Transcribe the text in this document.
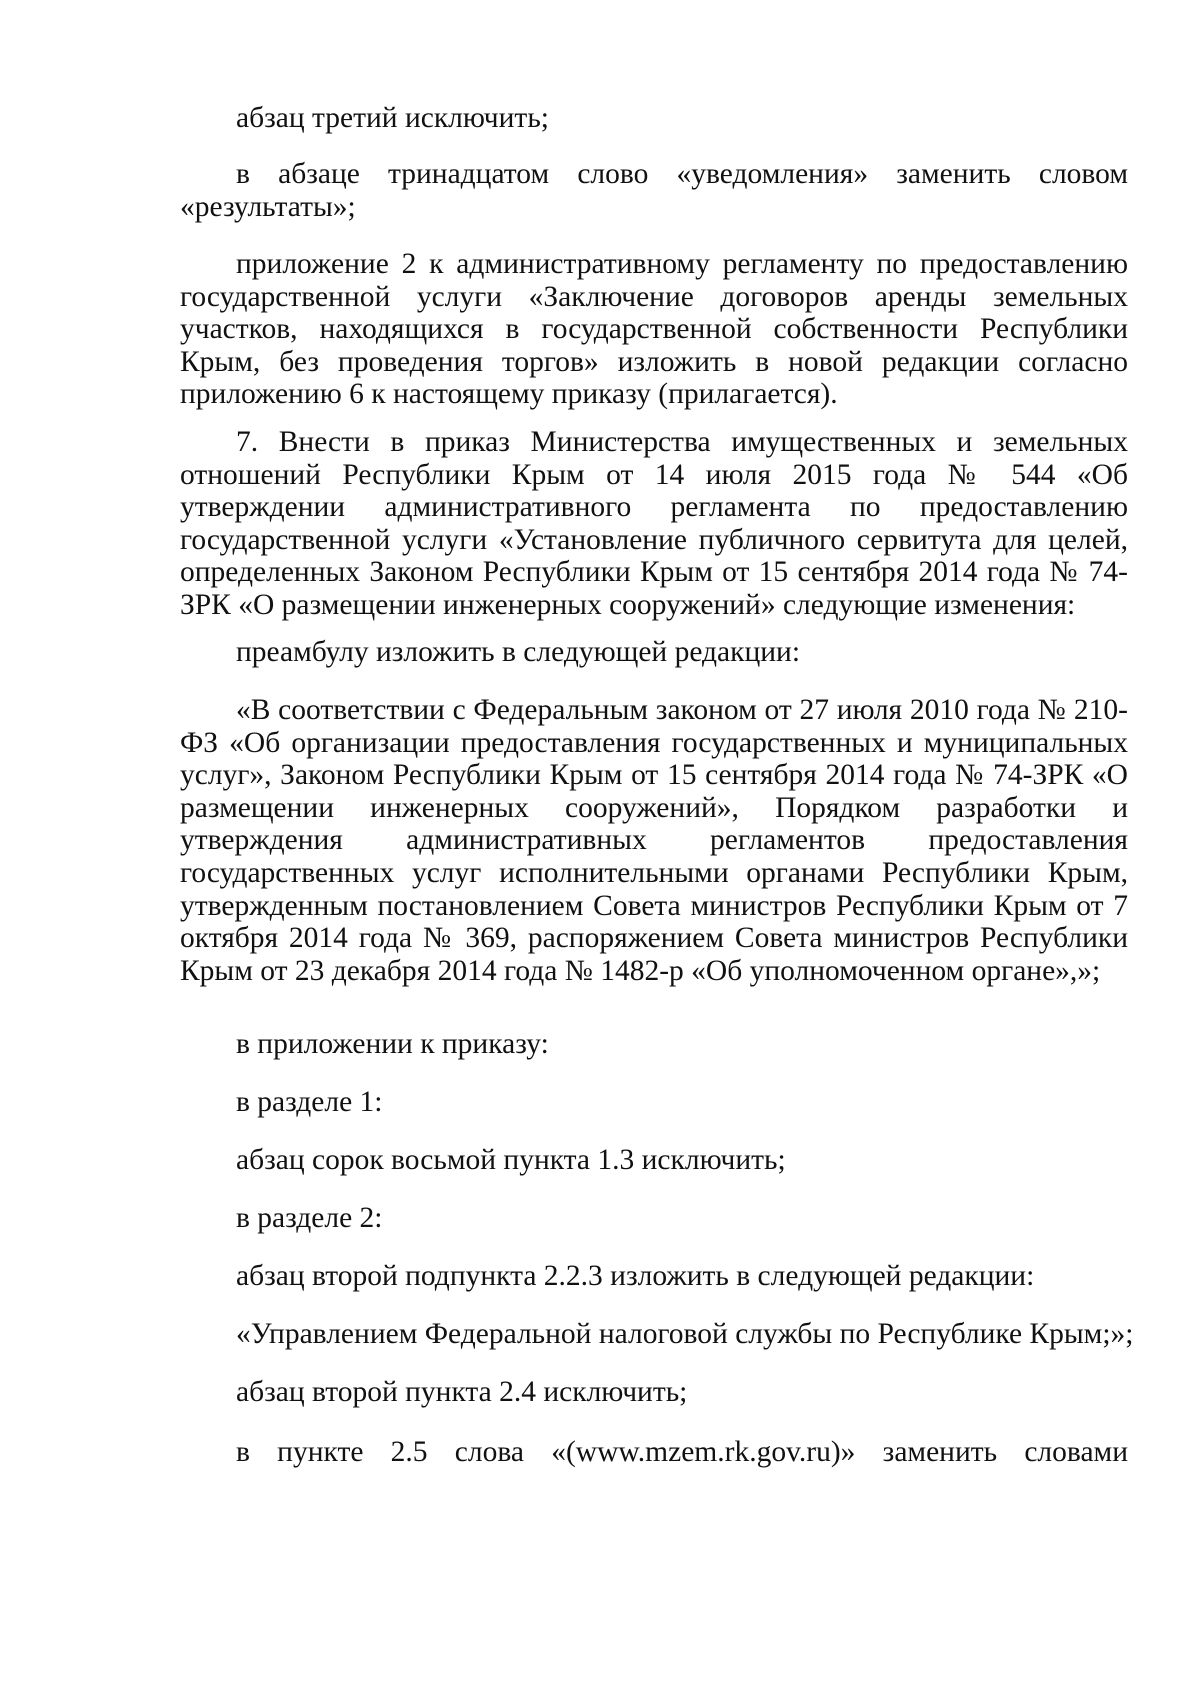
абзац третий исключить;

в абзаце тринадцатом слово «уведомления» заменить словом «результаты»;

приложение 2 к административному регламенту по предоставлению государственной услуги «Заключение договоров аренды земельных участков, находящихся в государственной собственности Республики Крым, без проведения торгов» изложить в новой редакции согласно приложению 6 к настоящему приказу (прилагается).

7. Внести в приказ Министерства имущественных и земельных отношений Республики Крым от 14 июля 2015 года № 544 «Об утверждении административного регламента по предоставлению государственной услуги «Установление публичного сервитута для целей, определенных Законом Республики Крым от 15 сентября 2014 года № 74-ЗРК «О размещении инженерных сооружений» следующие изменения:

преамбулу изложить в следующей редакции:

«В соответствии с Федеральным законом от 27 июля 2010 года № 210-ФЗ «Об организации предоставления государственных и муниципальных услуг», Законом Республики Крым от 15 сентября 2014 года № 74-ЗРК «О размещении инженерных сооружений», Порядком разработки и утверждения административных регламентов предоставления государственных услуг исполнительными органами Республики Крым, утвержденным постановлением Совета министров Республики Крым от 7 октября 2014 года № 369, распоряжением Совета министров Республики Крым от 23 декабря 2014 года № 1482-р «Об уполномоченном органе»,»;

в приложении к приказу:

в разделе 1:

абзац сорок восьмой пункта 1.3 исключить;

в разделе 2:

абзац второй подпункта 2.2.3 изложить в следующей редакции:

«Управлением Федеральной налоговой службы по Республике Крым;»;

абзац второй пункта 2.4 исключить;

в пункте 2.5 слова «(www.mzem.rk.gov.ru)» заменить словами
